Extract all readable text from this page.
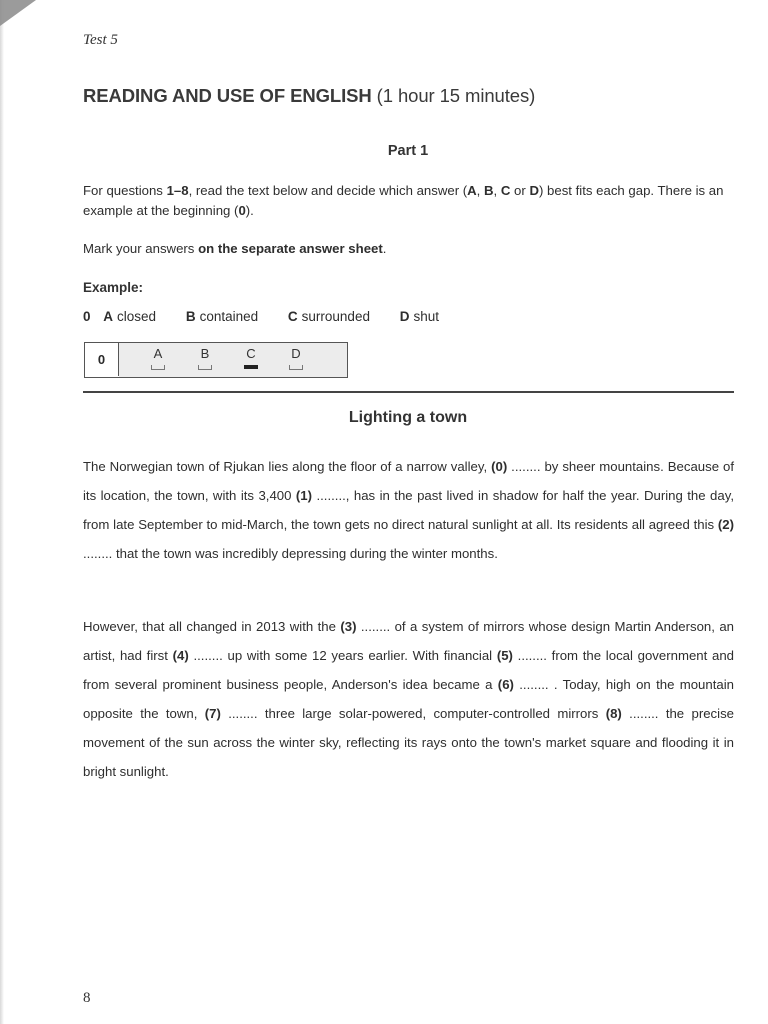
Test 5
READING AND USE OF ENGLISH (1 hour 15 minutes)
Part 1
For questions 1–8, read the text below and decide which answer (A, B, C or D) best fits each gap. There is an example at the beginning (0).
Mark your answers on the separate answer sheet.
Example:
0 A closed B contained C surrounded D shut
0	A	B	C	D
Lighting a town
The Norwegian town of Rjukan lies along the floor of a narrow valley, (0) ........ by sheer mountains. Because of its location, the town, with its 3,400 (1) ........, has in the past lived in shadow for half the year. During the day, from late September to mid-March, the town gets no direct natural sunlight at all. Its residents all agreed this (2) ........ that the town was incredibly depressing during the winter months.
However, that all changed in 2013 with the (3) ........ of a system of mirrors whose design Martin Anderson, an artist, had first (4) ........ up with some 12 years earlier. With financial (5) ........ from the local government and from several prominent business people, Anderson's idea became a (6) ........ . Today, high on the mountain opposite the town, (7) ........ three large solar-powered, computer-controlled mirrors (8) ........ the precise movement of the sun across the winter sky, reflecting its rays onto the town's market square and flooding it in bright sunlight.
8
